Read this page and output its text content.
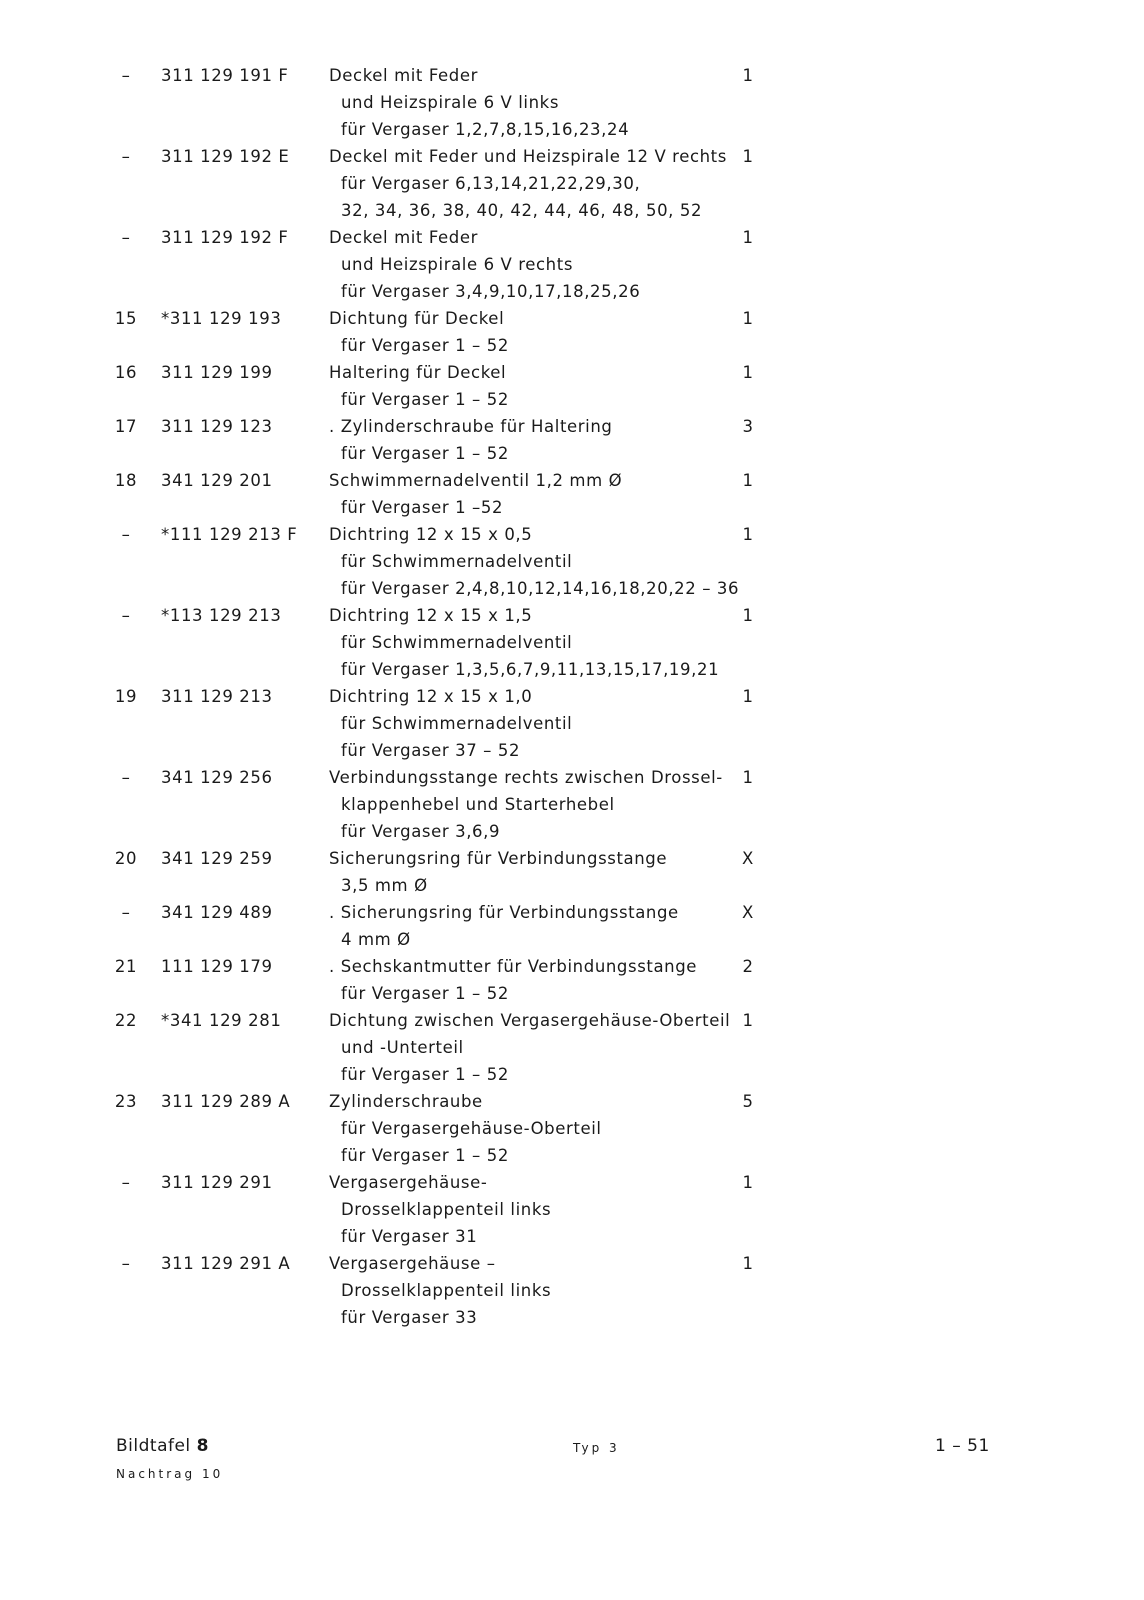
–	311 129 191 F	1
Deckel mit Feder
und Heizspirale 6 V links
für Vergaser 1,2,7,8,15,16,23,24
–	311 129 192 E	1
Deckel mit Feder und Heizspirale 12 V rechts
für Vergaser 6,13,14,21,22,29,30,
32, 34, 36, 38, 40, 42, 44, 46, 48, 50, 52
–	311 129 192 F	1
Deckel mit Feder
und Heizspirale 6 V rechts
für Vergaser 3,4,9,10,17,18,25,26
15	*311 129 193	1
Dichtung für Deckel
für Vergaser 1 – 52
16	311 129 199	1
Haltering für Deckel
für Vergaser 1 – 52
17	311 129 123	3
. Zylinderschraube für Haltering
für Vergaser 1 – 52
18	341 129 201	1
Schwimmernadelventil 1,2 mm Ø
für Vergaser 1 –52
–	*111 129 213 F	1
Dichtring 12 x 15 x 0,5
für Schwimmernadelventil
für Vergaser 2,4,8,10,12,14,16,18,20,22 – 36
–	*113 129 213	1
Dichtring 12 x 15 x 1,5
für Schwimmernadelventil
für Vergaser 1,3,5,6,7,9,11,13,15,17,19,21
19	311 129 213	1
Dichtring 12 x 15 x 1,0
für Schwimmernadelventil
für Vergaser 37 – 52
–	341 129 256	1
Verbindungsstange rechts zwischen Drossel-
klappenhebel und Starterhebel
für Vergaser 3,6,9
20	341 129 259	X
Sicherungsring für Verbindungsstange
3,5 mm Ø
–	341 129 489	X
. Sicherungsring für Verbindungsstange
4 mm Ø
21	111 129 179	2
. Sechskantmutter für Verbindungsstange
für Vergaser 1 – 52
22	*341 129 281	1
Dichtung zwischen Vergasergehäuse-Oberteil
und -Unterteil
für Vergaser 1 – 52
23	311 129 289 A	5
Zylinderschraube
für Vergasergehäuse-Oberteil
für Vergaser 1 – 52
–	311 129 291	1
Vergasergehäuse-
Drosselklappenteil links
für Vergaser 31
–	311 129 291 A	1
Vergasergehäuse –
Drosselklappenteil links
für Vergaser 33
Bildtafel 8
Nachtrag 10
Typ 3	1 – 51
